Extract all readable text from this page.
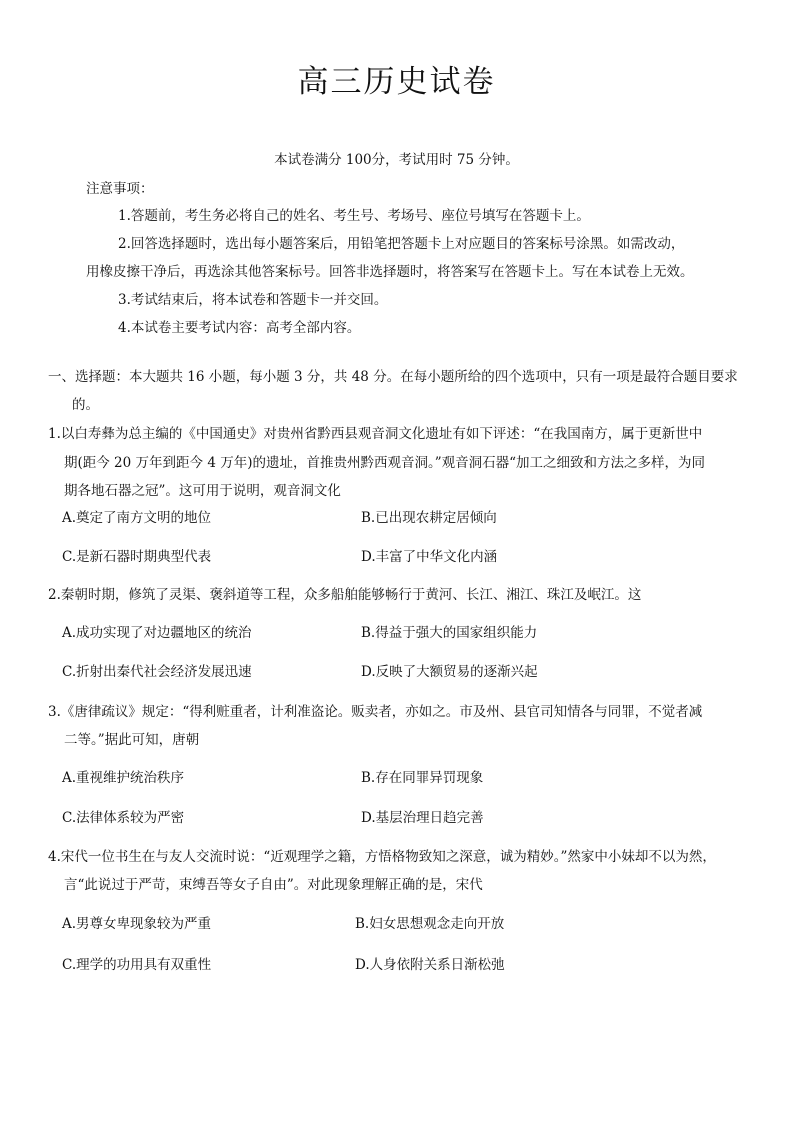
高三历史试卷
本试卷满分 100分，考试用时 75 分钟。
注意事项：
1.答题前，考生务必将自己的姓名、考生号、考场号、座位号填写在答题卡上。
2.回答选择题时，选出每小题答案后，用铅笔把答题卡上对应题目的答案标号涂黑。如需改动，
用橡皮擦干净后，再选涂其他答案标号。回答非选择题时，将答案写在答题卡上。写在本试卷上无效。
3.考试结束后，将本试卷和答题卡一并交回。
4.本试卷主要考试内容：高考全部内容。
一、选择题：本大题共 16 小题，每小题 3 分，共 48 分。在每小题所给的四个选项中，只有一项是最符合题目要求
的。
1.以白寿彝为总主编的《中国通史》对贵州省黔西县观音洞文化遗址有如下评述：“在我国南方，属于更新世中
期(距今 20 万年到距今 4 万年)的遗址，首推贵州黔西观音洞。”观音洞石器“加工之细致和方法之多样，为同
期各地石器之冠”。这可用于说明，观音洞文化
A.奠定了南方文明的地位	B.已出现农耕定居倾向
C.是新石器时期典型代表	D.丰富了中华文化内涵
2.秦朝时期，修筑了灵渠、褒斜道等工程，众多船舶能够畅行于黄河、长江、湘江、珠江及岷江。这
A.成功实现了对边疆地区的统治	B.得益于强大的国家组织能力
C.折射出秦代社会经济发展迅速	D.反映了大额贸易的逐渐兴起
3.《唐律疏议》规定：“得利赃重者，计利准盗论。贩卖者，亦如之。市及州、县官司知情各与同罪，不觉者减
二等。”据此可知，唐朝
A.重视维护统治秩序	B.存在同罪异罚现象
C.法律体系较为严密	D.基层治理日趋完善
4.宋代一位书生在与友人交流时说：“近观理学之籍，方悟格物致知之深意，诚为精妙。”然家中小妹却不以为然，
言“此说过于严苛，束缚吾等女子自由”。对此现象理解正确的是，宋代
A.男尊女卑现象较为严重	B.妇女思想观念走向开放
C.理学的功用具有双重性	D.人身依附关系日渐松弛
